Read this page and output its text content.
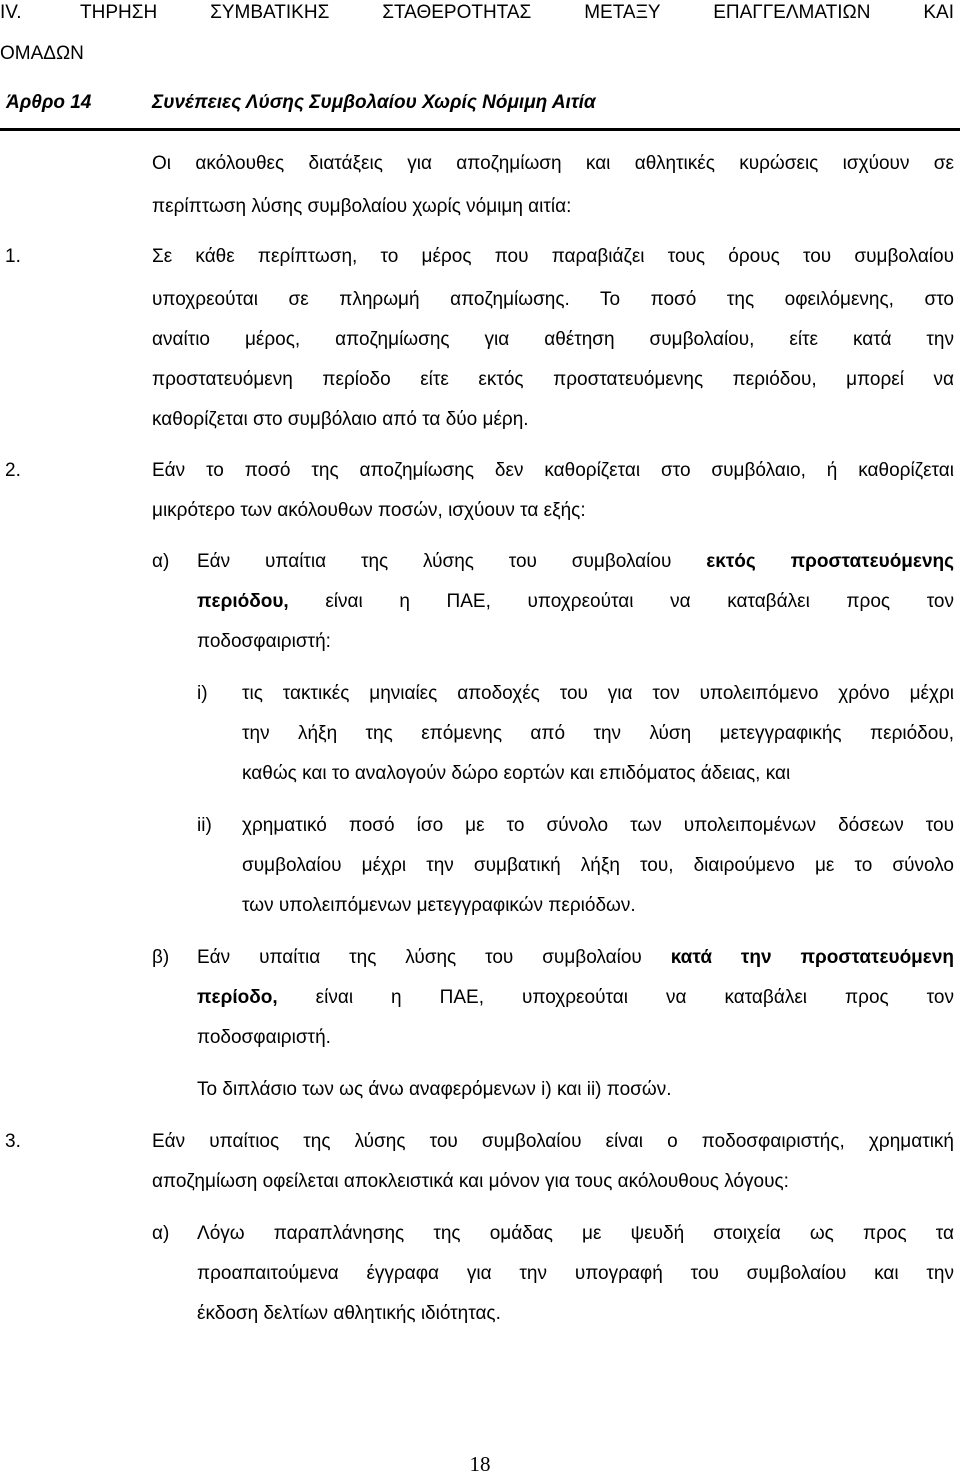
IV.	ΤΗΡΗΣΗ ΣΥΜΒΑΤΙΚΗΣ ΣΤΑΘΕΡΟΤΗΤΑΣ ΜΕΤΑΞΥ ΕΠΑΓΓΕΛΜΑΤΙΩΝ ΚΑΙ
ΟΜΑΔΩΝ
Άρθρο 14	Συνέπειες Λύσης Συμβολαίου Χωρίς Νόμιμη Αιτία
Οι ακόλουθες διατάξεις για αποζημίωση και αθλητικές κυρώσεις ισχύουν σε
περίπτωση λύσης συμβολαίου χωρίς νόμιμη αιτία:
1.	Σε κάθε περίπτωση, το μέρος που παραβιάζει τους όρους του συμβολαίου
υποχρεούται σε πληρωμή αποζημίωσης. Το ποσό της οφειλόμενης, στο
αναίτιο μέρος, αποζημίωσης για αθέτηση συμβολαίου, είτε κατά την
προστατευόμενη περίοδο είτε εκτός προστατευόμενης περιόδου, μπορεί να
καθορίζεται στο συμβόλαιο από τα δύο μέρη.
2.	Εάν το ποσό της αποζημίωσης δεν καθορίζεται στο συμβόλαιο, ή καθορίζεται
μικρότερο των ακόλουθων ποσών, ισχύουν τα εξής:
α) Εάν υπαίτια της λύσης του συμβολαίου εκτός προστατευόμενης
περιόδου, είναι η ΠΑΕ, υποχρεούται να καταβάλει προς τον
ποδοσφαιριστή:
i) τις τακτικές μηνιαίες αποδοχές του για τον υπολειπόμενο χρόνο μέχρι
την λήξη της επόμενης από την λύση μετεγγραφικής περιόδου,
καθώς και το αναλογούν δώρο εορτών και επιδόματος άδειας, και
ii) χρηματικό ποσό ίσο με το σύνολο των υπολειπομένων δόσεων του
συμβολαίου μέχρι την συμβατική λήξη του, διαιρούμενο με το σύνολο
των υπολειπόμενων μετεγγραφικών περιόδων.
β) Εάν υπαίτια της λύσης του συμβολαίου κατά την προστατευόμενη
περίοδο, είναι η ΠΑΕ, υποχρεούται να καταβάλει προς τον
ποδοσφαιριστή.
Το διπλάσιο των ως άνω αναφερόμενων i) και ii) ποσών.
3.	Εάν υπαίτιος της λύσης του συμβολαίου είναι ο ποδοσφαιριστής, χρηματική
αποζημίωση οφείλεται αποκλειστικά και μόνον για τους ακόλουθους λόγους:
α) Λόγω παραπλάνησης της ομάδας με ψευδή στοιχεία ως προς τα
προαπαιτούμενα έγγραφα για την υπογραφή του συμβολαίου και την
έκδοση δελτίων αθλητικής ιδιότητας.
18
